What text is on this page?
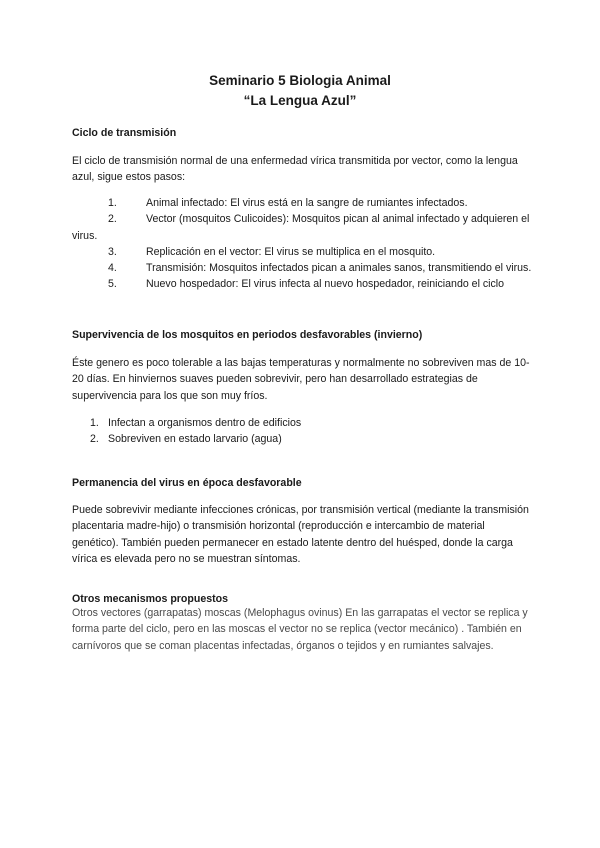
Seminario 5 Biologia Animal
“La Lengua Azul”
Ciclo de transmisión
El ciclo de transmisión normal de una enfermedad vírica transmitida por vector, como la lengua azul, sigue estos pasos:
1.	Animal infectado: El virus está en la sangre de rumiantes infectados.
2.	Vector (mosquitos Culicoides): Mosquitos pican al animal infectado y adquieren el virus.
3.	Replicación en el vector: El virus se multiplica en el mosquito.
4.	Transmisión: Mosquitos infectados pican a animales sanos, transmitiendo el virus.
5.	Nuevo hospedador: El virus infecta al nuevo hospedador, reiniciando el ciclo
Supervivencia de los mosquitos en periodos desfavorables (invierno)
Éste genero es poco tolerable a las bajas temperaturas y normalmente no sobreviven mas de 10-20 días. En hinviernos suaves pueden sobrevivir, pero han desarrollado estrategias de supervivencia para los que son muy fríos.
1. Infectan a organismos dentro de edificios
2. Sobreviven en estado larvario (agua)
Permanencia del virus en época desfavorable
Puede sobrevivir mediante infecciones crónicas, por transmisión vertical (mediante la transmisión placentaria madre-hijo) o transmisión horizontal (reproducción e intercambio de material genético). También pueden permanecer en estado latente dentro del huésped, donde la carga vírica es elevada pero no se muestran síntomas.
Otros mecanismos propuestos
Otros vectores (garrapatas) moscas (Melophagus ovinus) En las garrapatas el vector se replica y forma parte del ciclo, pero en las moscas el vector no se replica (vector mecánico) . También en carnívoros que se coman placentas infectadas, órganos o tejidos y en rumiantes salvajes.
